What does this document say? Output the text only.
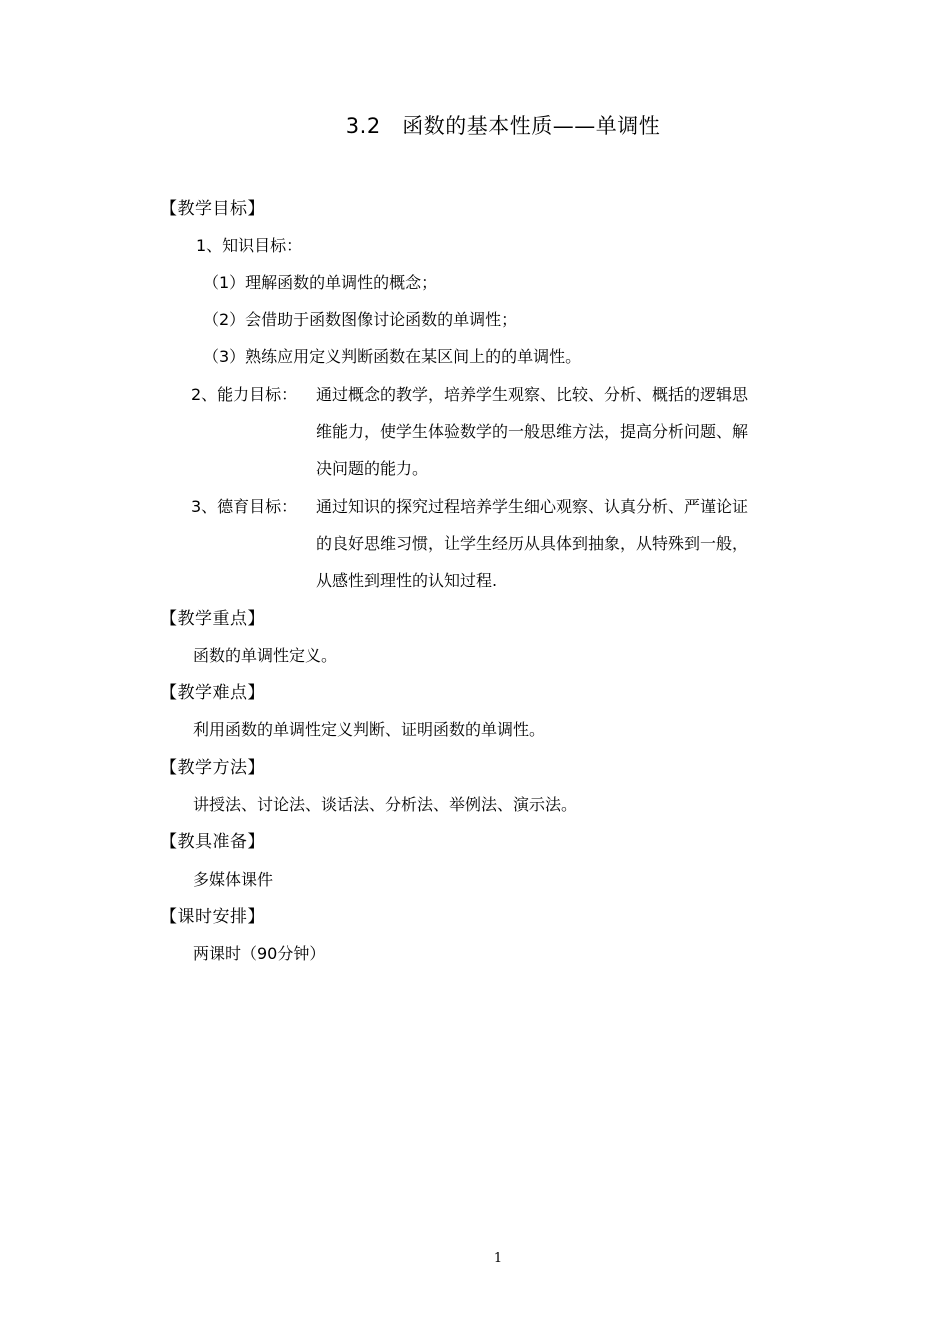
3.2　函数的基本性质——单调性
【教学目标】
1、知识目标：
（1）理解函数的单调性的概念；
（2）会借助于函数图像讨论函数的单调性；
（3）熟练应用定义判断函数在某区间上的的单调性。
2、能力目标： 通过概念的教学，培养学生观察、比较、分析、概括的逻辑思
维能力，使学生体验数学的一般思维方法，提高分析问题、解
决问题的能力。
3、德育目标： 通过知识的探究过程培养学生细心观察、认真分析、严谨论证
的良好思维习惯，让学生经历从具体到抽象，从特殊到一般，
从感性到理性的认知过程.
【教学重点】
函数的单调性定义。
【教学难点】
利用函数的单调性定义判断、证明函数的单调性。
【教学方法】
讲授法、讨论法、谈话法、分析法、举例法、演示法。
【教具准备】
多媒体课件
【课时安排】
两课时（90分钟）
1
